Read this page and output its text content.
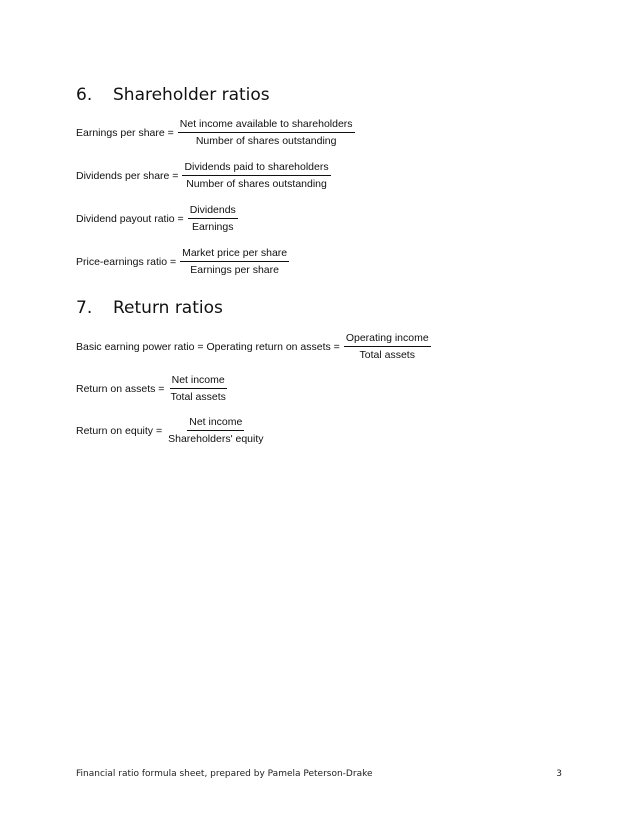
6. Shareholder ratios
Earnings per share = $\frac{\text{Net income available to shareholders}}{\text{Number of shares outstanding}}$
Dividends per share = $\frac{\text{Dividends paid to shareholders}}{\text{Number of shares outstanding}}$
Dividend payout ratio = $\frac{\text{Dividends}}{\text{Earnings}}$
Price-earnings ratio = $\frac{\text{Market price per share}}{\text{Earnings per share}}$
7. Return ratios
Basic earning power ratio = Operating return on assets = $\frac{\text{Operating income}}{\text{Total assets}}$
Return on assets = $\frac{\text{Net income}}{\text{Total assets}}$
Return on equity = $\frac{\text{Net income}}{\text{Shareholders' equity}}$
Financial ratio formula sheet, prepared by Pamela Peterson-Drake	3
